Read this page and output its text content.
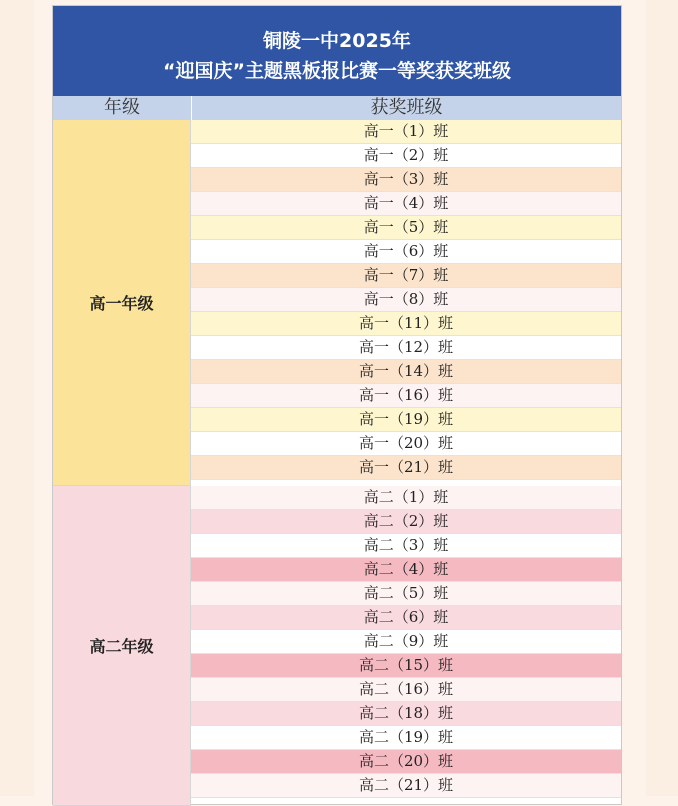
铜陵一中2025年
“迎国庆”主题黑板报比赛一等奖获奖班级
年级	获奖班级
高一年级
高一（1）班
高一（2）班
高一（3）班
高一（4）班
高一（5）班
高一（6）班
高一（7）班
高一（8）班
高一（11）班
高一（12）班
高一（14）班
高一（16）班
高一（19）班
高一（20）班
高一（21）班
高二年级
高二（1）班
高二（2）班
高二（3）班
高二（4）班
高二（5）班
高二（6）班
高二（9）班
高二（15）班
高二（16）班
高二（18）班
高二（19）班
高二（20）班
高二（21）班
